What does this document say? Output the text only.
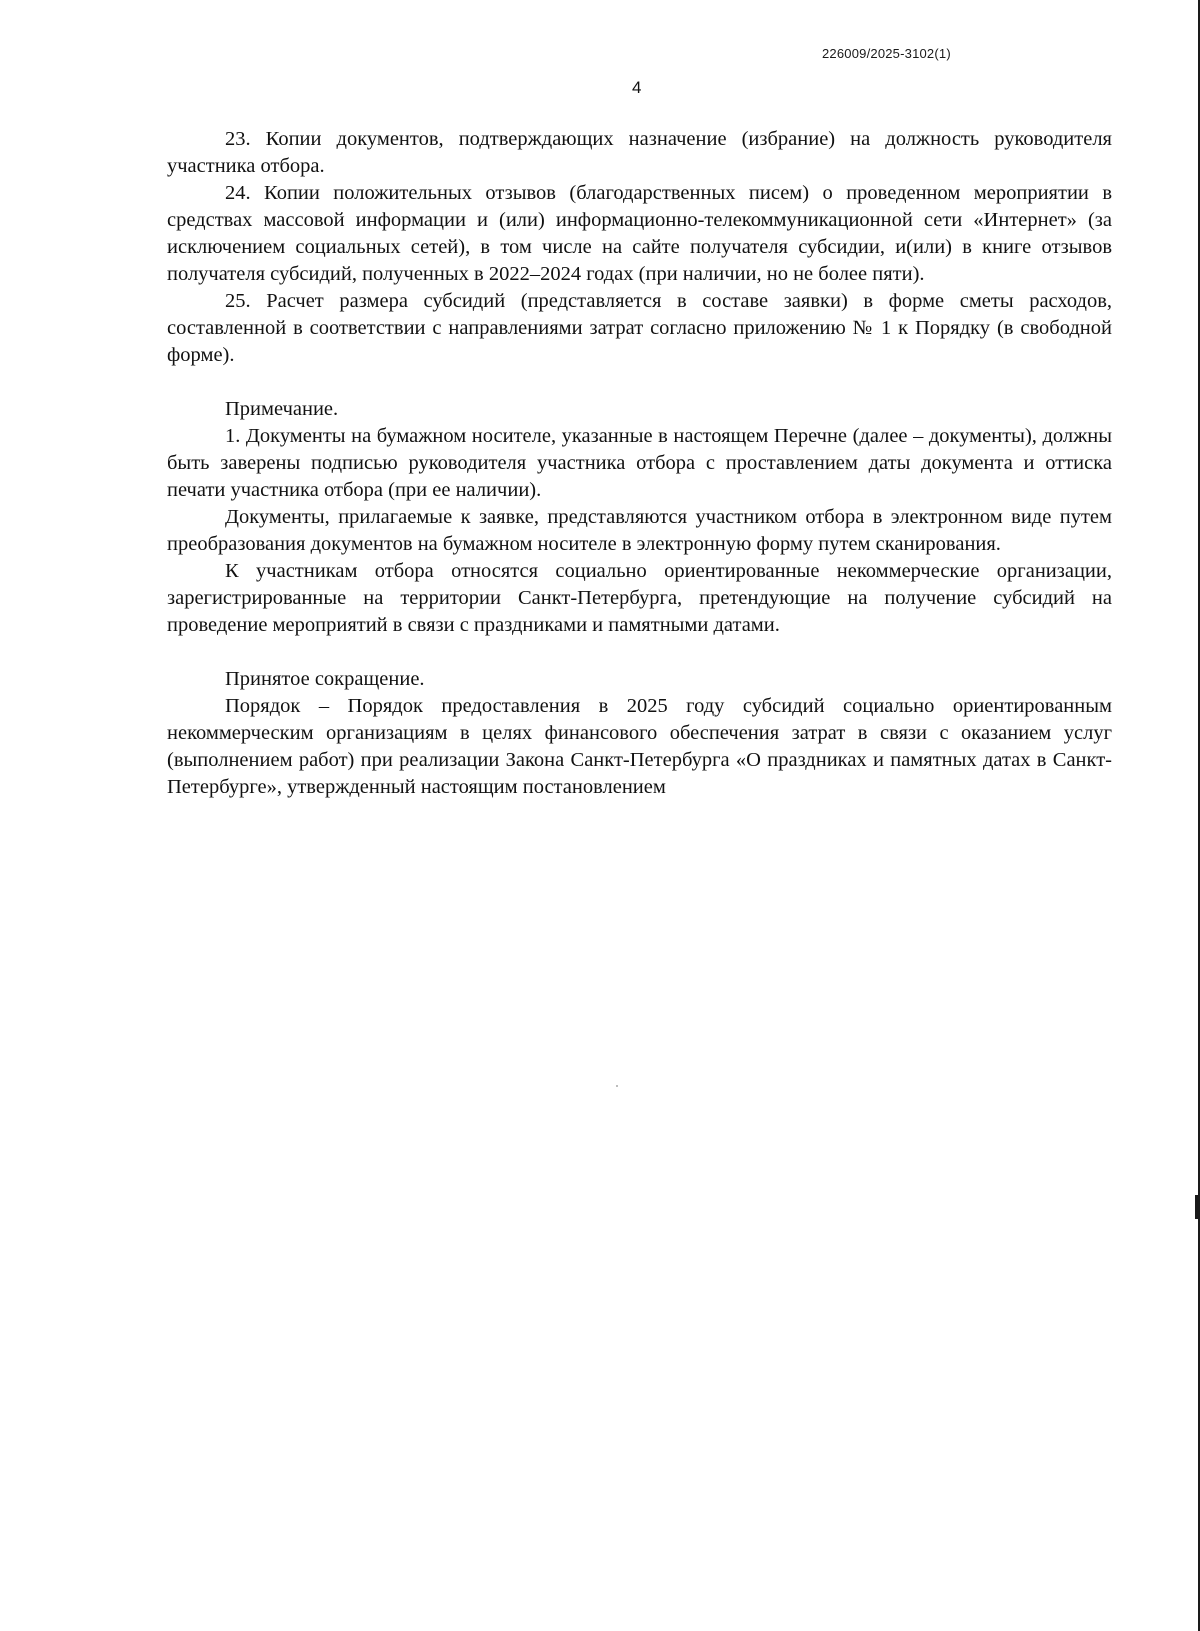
226009/2025-3102(1)
4

23. Копии документов, подтверждающих назначение (избрание) на должность руководителя участника отбора.

24. Копии положительных отзывов (благодарственных писем) о проведенном мероприятии в средствах массовой информации и (или) информационно-телекоммуникационной сети «Интернет» (за исключением социальных сетей), в том числе на сайте получателя субсидии, и(или) в книге отзывов получателя субсидий, полученных в 2022–2024 годах (при наличии, но не более пяти).

25. Расчет размера субсидий (представляется в составе заявки) в форме сметы расходов, составленной в соответствии с направлениями затрат согласно приложению № 1 к Порядку (в свободной форме).

Примечание.

1. Документы на бумажном носителе, указанные в настоящем Перечне (далее – документы), должны быть заверены подписью руководителя участника отбора с проставлением даты документа и оттиска печати участника отбора (при ее наличии).

Документы, прилагаемые к заявке, представляются участником отбора в электронном виде путем преобразования документов на бумажном носителе в электронную форму путем сканирования.

К участникам отбора относятся социально ориентированные некоммерческие организации, зарегистрированные на территории Санкт-Петербурга, претендующие на получение субсидий на проведение мероприятий в связи с праздниками и памятными датами.

Принятое сокращение.

Порядок – Порядок предоставления в 2025 году субсидий социально ориентированным некоммерческим организациям в целях финансового обеспечения затрат в связи с оказанием услуг (выполнением работ) при реализации Закона Санкт-Петербурга «О праздниках и памятных датах в Санкт-Петербурге», утвержденный настоящим постановлением
